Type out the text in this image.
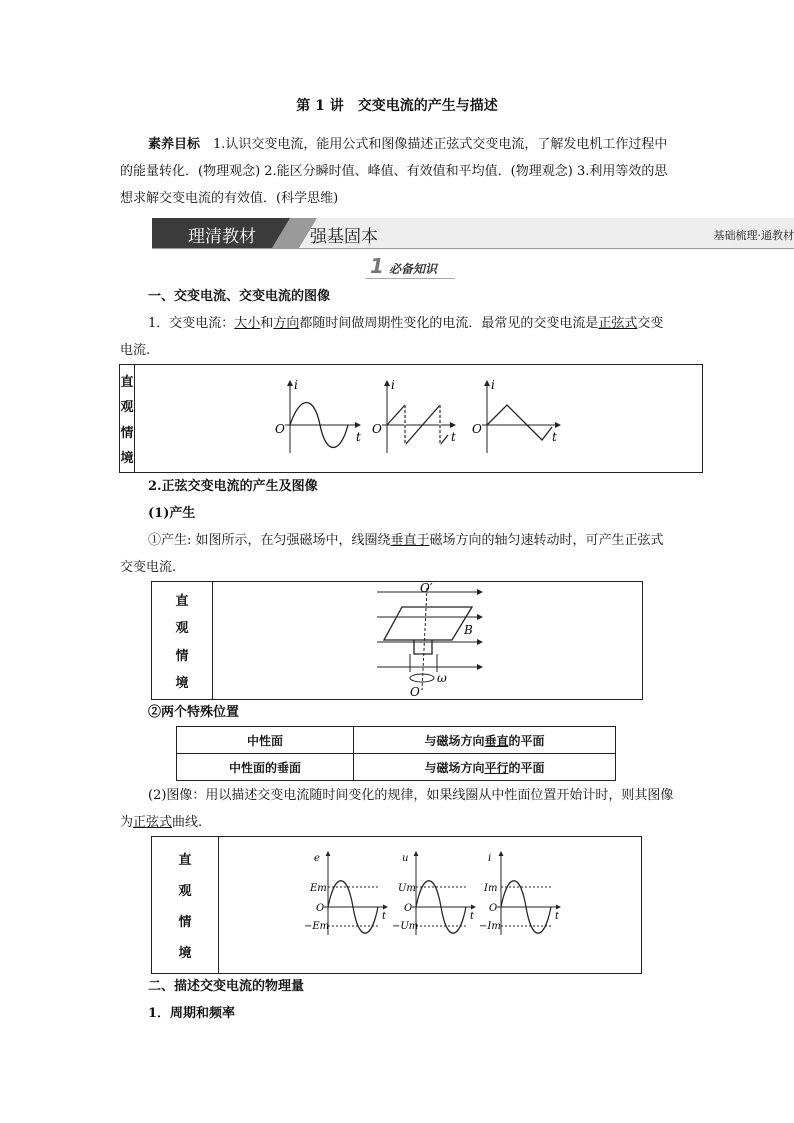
第 1 讲　交变电流的产生与描述
素养目标　1.认识交变电流，能用公式和图像描述正弦式交变电流，了解发电机工作过程中的能量转化．(物理观念) 2.能区分瞬时值、峰值、有效值和平均值．(物理观念) 3.利用等效的思想求解交变电流的有效值．(科学思维)
理清教材	强基固本	基础梳理·通教材
1 必备知识
一、交变电流、交变电流的图像
1．交变电流：大小和方向都随时间做周期性变化的电流．最常见的交变电流是正弦式交变电流.
直
观
情
境
i
t
O
i
t
O
i
t
O
2.正弦交变电流的产生及图像
(1)产生
①产生: 如图所示，在匀强磁场中，线圈绕垂直于磁场方向的轴匀速转动时，可产生正弦式交变电流.
直
观
情
境
O′
O
B
ω
②两个特殊位置
中性面	与磁场方向垂直的平面
中性面的垂面	与磁场方向平行的平面
(2)图像：用以描述交变电流随时间变化的规律，如果线圈从中性面位置开始计时，则其图像为正弦式曲线.
直
观
情
境
e
Em
O
−Em
t
u
Um
O
−Um
t
i
Im
O
−Im
t
二、描述交变电流的物理量
1．周期和频率
